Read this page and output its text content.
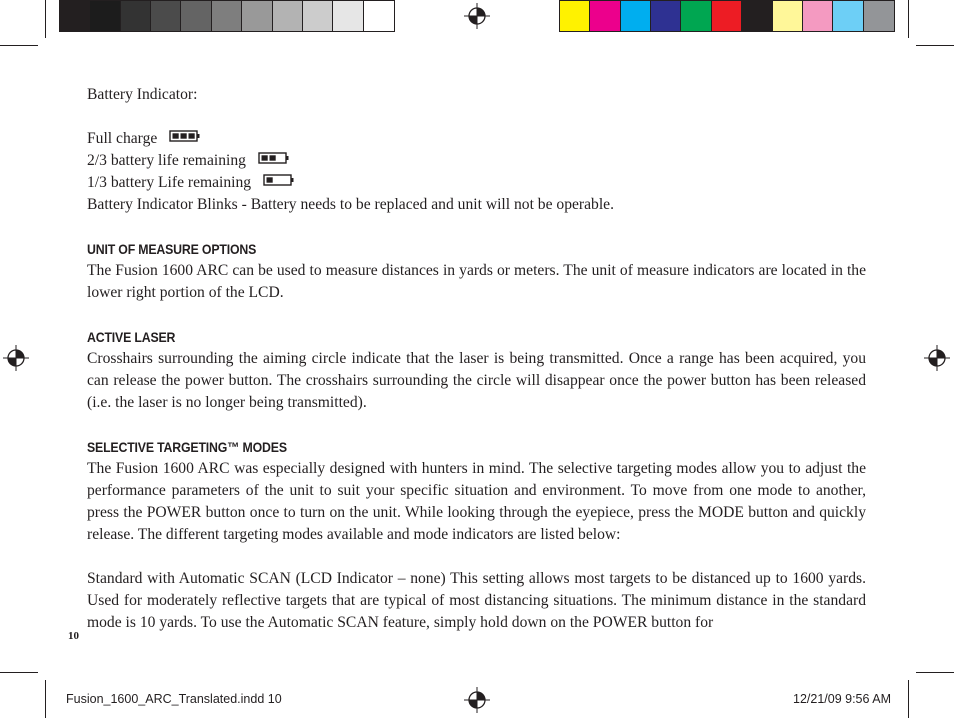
Battery Indicator:

Full charge
2/3 battery life remaining
1/3 battery Life remaining

Battery Indicator Blinks - Battery needs to be replaced and unit will not be operable.

UNIT OF MEASURE OPTIONS

The Fusion 1600 ARC can be used to measure distances in yards or meters. The unit of measure indicators are located in the lower right portion of the LCD.

ACTIVE LASER

Crosshairs surrounding the aiming circle indicate that the laser is being transmitted. Once a range has been acquired, you can release the power button. The crosshairs surrounding the circle will disappear once the power button has been released (i.e. the laser is no longer being transmitted).

SELECTIVE TARGETING™ MODES

The Fusion 1600 ARC was especially designed with hunters in mind. The selective targeting modes allow you to adjust the performance parameters of the unit to suit your specific situation and environment. To move from one mode to another, press the POWER button once to turn on the unit. While looking through the eyepiece, press the MODE button and quickly release. The different targeting modes available and mode indicators are listed below:

Standard with Automatic SCAN (LCD Indicator – none) This setting allows most targets to be distanced up to 1600 yards. Used for moderately reflective targets that are typical of most distancing situations. The minimum distance in the standard mode is 10 yards. To use the Automatic SCAN feature, simply hold down on the POWER button for

10
Fusion_1600_ARC_Translated.indd 10	12/21/09 9:56 AM
